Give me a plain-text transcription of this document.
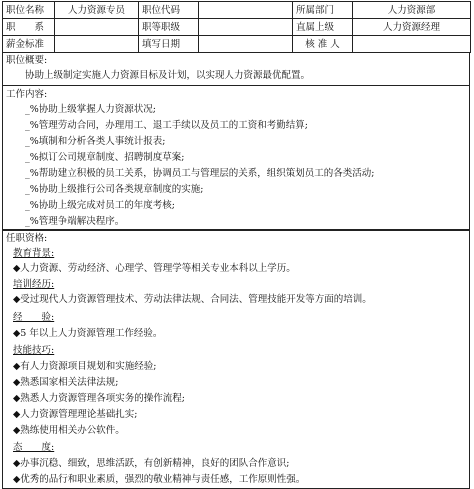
职位名称	人力资源专员	职位代码		所属部门	人力资源部
职　　系		职等职级		直属上级	人力资源经理
薪金标准		填写日期		核 准 人	
职位概要:
协助上级制定实施人力资源目标及计划，以实现人力资源最优配置。
工作内容:
_%协助上级掌握人力资源状况;
_%管理劳动合同，办理用工、退工手续以及员工的工资和考勤结算;
_%填制和分析各类人事统计报表;
_%拟订公司规章制度、招聘制度草案;
_%帮助建立积极的员工关系，协调员工与管理层的关系，组织策划员工的各类活动;
_%协助上级推行公司各类规章制度的实施;
_%协助上级完成对员工的年度考核;
_%管理争端解决程序。
任职资格:
教育背景:
◆人力资源、劳动经济、心理学、管理学等相关专业本科以上学历。
培训经历:
◆受过现代人力资源管理技术、劳动法律法规、合同法、管理技能开发等方面的培训。
经　　验:
◆5 年以上人力资源管理工作经验。
技能技巧:
◆有人力资源项目规划和实施经验;
◆熟悉国家相关法律法规;
◆熟悉人力资源管理各项实务的操作流程;
◆人力资源管理理论基础扎实;
◆熟练使用相关办公软件。
态　　度:
◆办事沉稳、细致，思维活跃，有创新精神，良好的团队合作意识;
◆优秀的品行和职业素质，强烈的敬业精神与责任感，工作原则性强。
